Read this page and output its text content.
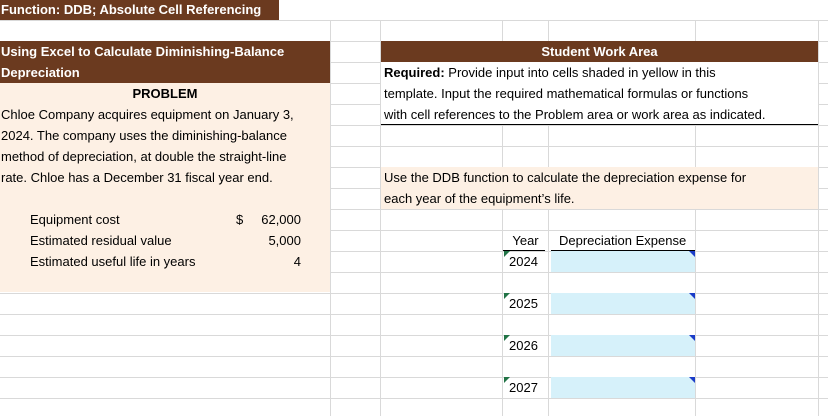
Function: DDB; Absolute Cell Referencing
Using Excel to Calculate Diminishing-Balance
Depreciation
PROBLEM
Chloe Company acquires equipment on January 3,
2024. The company uses the diminishing-balance
method of depreciation, at double the straight-line
rate. Chloe has a December 31 fiscal year end.
Equipment cost	$ 62,000
Estimated residual value	5,000
Estimated useful life in years	4
Student Work Area
Required: Provide input into cells shaded in yellow in this
template. Input the required mathematical formulas or functions
with cell references to the Problem area or work area as indicated.
Use the DDB function to calculate the depreciation expense for
each year of the equipment’s life.
Year	Depreciation Expense
2024
2025
2026
2027
